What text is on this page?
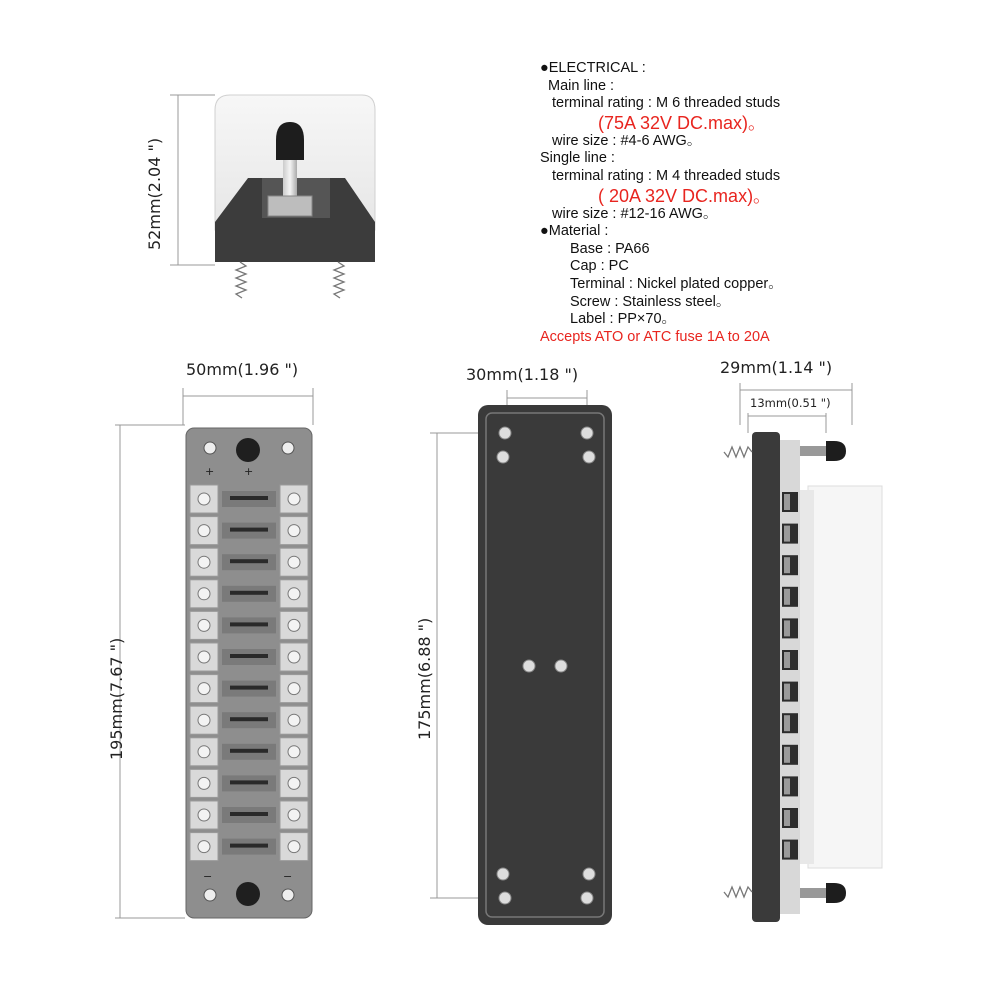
●ELECTRICAL :
Main line :
terminal rating : M 6 threaded studs
(75A 32V DC.max)。
wire size : #4-6 AWG。
Single line :
terminal rating : M 4 threaded studs
( 20A 32V DC.max)。
wire size : #12-16 AWG。
●Material :
Base : PA66
Cap : PC
Terminal : Nickel plated copper。
Screw : Stainless steel。
Label : PP×70。
Accepts ATO or ATC fuse 1A to 20A
52mm(2.04 ")
50mm(1.96 ")
195mm(7.67 ")
+	+
−	−
30mm(1.18 ")
175mm(6.88 ")
29mm(1.14 ")
13mm(0.51 ")
